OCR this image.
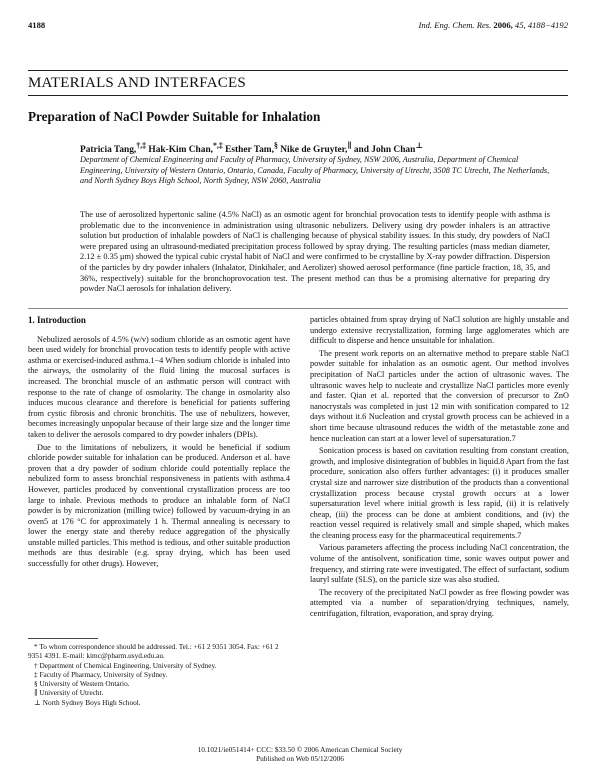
4188	Ind. Eng. Chem. Res. 2006, 45, 4188−4192
MATERIALS AND INTERFACES
Preparation of NaCl Powder Suitable for Inhalation
Patricia Tang,†,‡ Hak-Kim Chan,*,‡ Esther Tam,§ Nike de Gruyter,∥ and John Chan⊥
Department of Chemical Engineering and Faculty of Pharmacy, University of Sydney, NSW 2006, Australia, Department of Chemical Engineering, University of Western Ontario, Ontario, Canada, Faculty of Pharmacy, University of Utrecht, 3508 TC Utrecht, The Netherlands, and North Sydney Boys High School, North Sydney, NSW 2060, Australia
The use of aerosolized hypertonic saline (4.5% NaCl) as an osmotic agent for bronchial provocation tests to identify people with asthma is problematic due to the inconvenience in administration using ultrasonic nebulizers. Delivery using dry powder inhalers is an attractive solution but production of inhalable powders of NaCl is challenging because of physical stability issues. In this study, dry powders of NaCl were prepared using an ultrasound-mediated precipitation process followed by spray drying. The resulting particles (mass median diameter, 2.12 ± 0.35 μm) showed the typical cubic crystal habit of NaCl and were confirmed to be crystalline by X-ray powder diffraction. Dispersion of the particles by dry powder inhalers (Inhalator, Dinkihaler, and Aerolizer) showed aerosol performance (fine particle fraction, 18, 35, and 36%, respectively) suitable for the bronchoprovocation test. The present method can thus be a promising alternative for preparing dry powder NaCl aerosols for inhalation delivery.
1. Introduction

Nebulized aerosols of 4.5% (w/v) sodium chloride as an osmotic agent have been used widely for bronchial provocation tests to identify people with active asthma or exercised-induced asthma.1−4 When sodium chloride is inhaled into the airways, the osmolarity of the fluid lining the mucosal surfaces is increased. The bronchial muscle of an asthmatic person will contract with response to the rate of change of osmolarity. The change in osmolarity also induces mucous clearance and therefore is beneficial for patients suffering from cystic fibrosis and chronic bronchitis. The use of nebulizers, however, becomes increasingly unpopular because of their large size and the longer time taken to deliver the aerosols compared to dry powder inhalers (DPIs).

Due to the limitations of nebulizers, it would be beneficial if sodium chloride powder suitable for inhalation can be produced. Anderson et al. have proven that a dry powder of sodium chloride could potentially replace the nebulized form to assess bronchial responsiveness in patients with asthma.4 However, particles produced by conventional crystallization process are too large to inhale. Previous methods to produce an inhalable form of NaCl powder is by micronization (milling twice) followed by vacuum-drying in an oven5 at 176 °C for approximately 1 h. Thermal annealing is necessary to lower the energy state and thereby reduce aggregation of the physically unstable milled particles. This method is tedious, and other suitable production methods are thus desirable (e.g. spray drying, which has been used successfully for other drugs). However,

particles obtained from spray drying of NaCl solution are highly unstable and undergo extensive recrystallization, forming large agglomerates which are difficult to disperse and hence unsuitable for inhalation.

The present work reports on an alternative method to prepare stable NaCl powder suitable for inhalation as an osmotic agent. Our method involves precipitation of NaCl particles under the action of ultrasonic waves. The ultrasonic waves help to nucleate and crystallize NaCl particles more evenly and faster. Qian et al. reported that the conversion of precursor to ZnO nanocrystals was completed in just 12 min with sonification compared to 12 days without it.6 Nucleation and crystal growth process can be achieved in a short time because ultrasound reduces the width of the metastable zone and hence nucleation can start at a lower level of supersaturation.7

Sonication process is based on cavitation resulting from constant creation, growth, and implosive disintegration of bubbles in liquid.8 Apart from the fast procedure, sonication also offers further advantages: (i) it produces smaller crystal size and narrower size distribution of the products than a conventional crystallization process because crystal growth occurs at a lower supersaturation level where initial growth is less rapid, (ii) it is relatively cheap, (iii) the process can be done at ambient conditions, and (iv) the reaction vessel required is relatively small and simple shaped, which makes the cleaning process easy for the pharmaceutical requirements.7

Various parameters affecting the process including NaCl concentration, the volume of the antisolvent, sonification time, sonic waves output power and frequency, and stirring rate were investigated. The effect of surfactant, sodium lauryl sulfate (SLS), on the particle size was also studied.

The recovery of the precipitated NaCl powder as free flowing powder was attempted via a number of separation/drying techniques, namely, centrifugation, filtration, evaporation, and spray drying.

* To whom correspondence should be addressed. Tel.: +61 2 9351 3054. Fax: +61 2 9351 4391. E-mail: kimc@pharm.usyd.edu.au.
† Department of Chemical Engineering, University of Sydney.
‡ Faculty of Pharmacy, University of Sydney.
§ University of Western Ontario.
∥ University of Utrecht.
⊥ North Sydney Boys High School.
10.1021/ie051414+ CCC: $33.50 © 2006 American Chemical Society
Published on Web 05/12/2006
